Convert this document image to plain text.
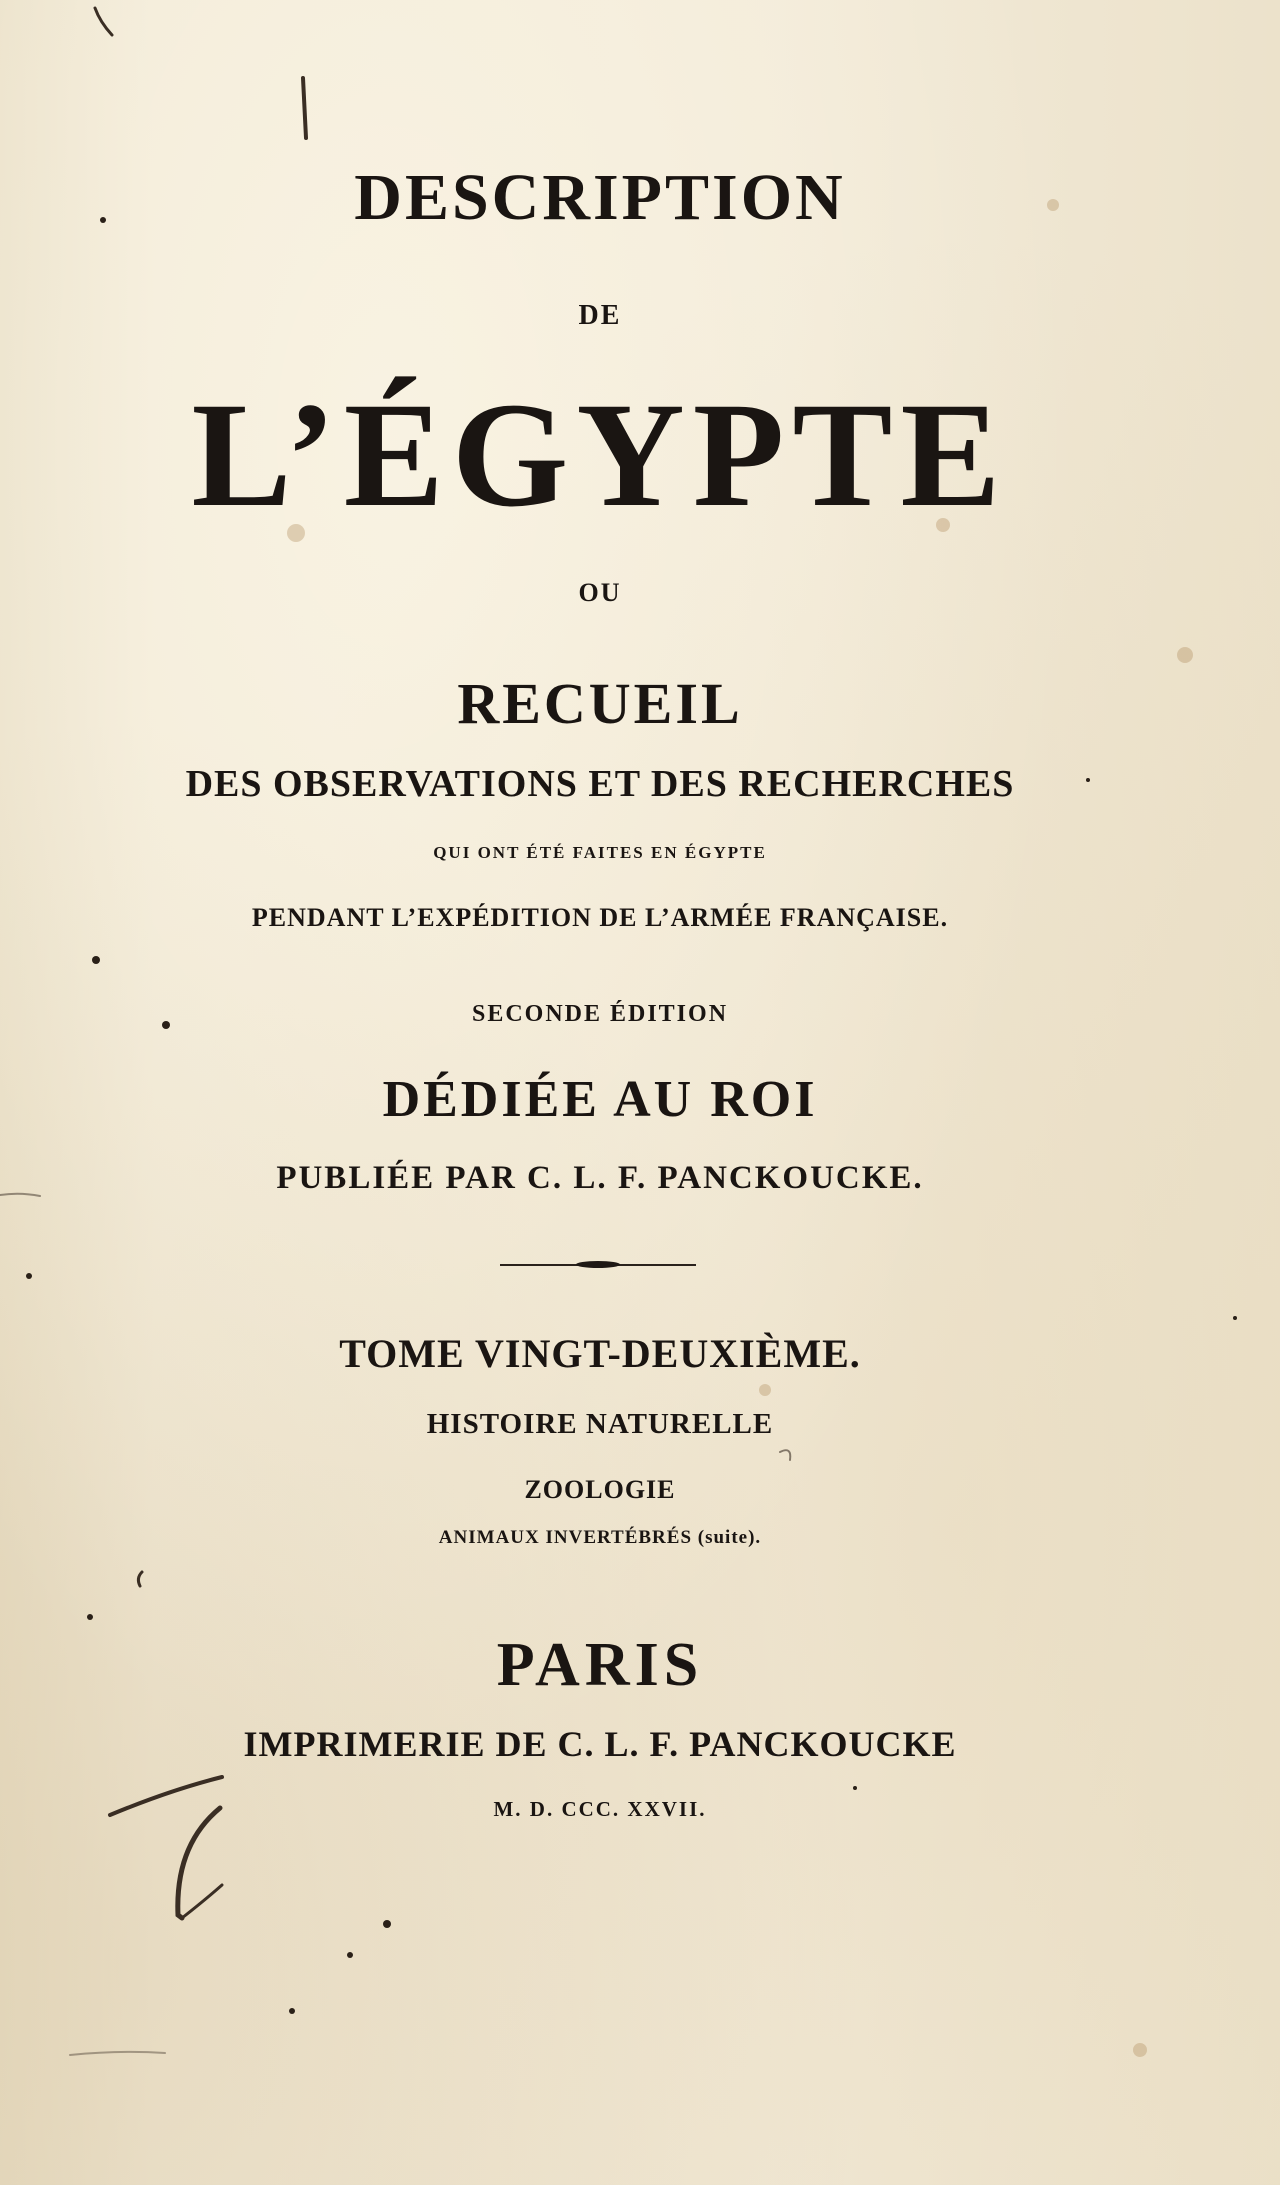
DESCRIPTION
DE
L’ÉGYPTE
OU
RECUEIL
DES OBSERVATIONS ET DES RECHERCHES
QUI ONT ÉTÉ FAITES EN ÉGYPTE
PENDANT L’EXPÉDITION DE L’ARMÉE FRANÇAISE.
SECONDE ÉDITION
DÉDIÉE AU ROI
PUBLIÉE PAR C. L. F. PANCKOUCKE.
TOME VINGT-DEUXIÈME.
HISTOIRE NATURELLE
ZOOLOGIE
ANIMAUX INVERTÉBRÉS (suite).
PARIS
IMPRIMERIE DE C. L. F. PANCKOUCKE
M. D. CCC. XXVII.
